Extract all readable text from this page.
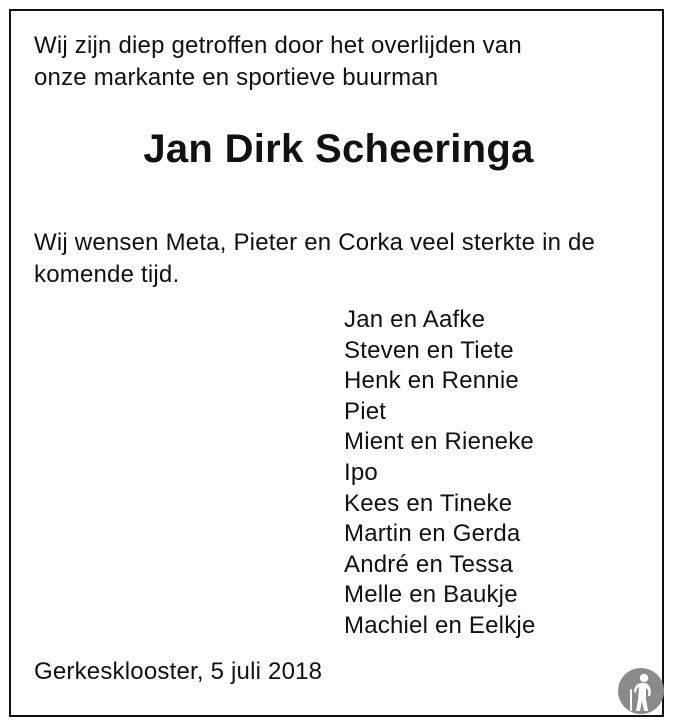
Wij zijn diep getroffen door het overlijden van
onze markante en sportieve buurman

Jan Dirk Scheeringa

Wij wensen Meta, Pieter en Corka veel sterkte in de
komende tijd.

Jan en Aafke
Steven en Tiete
Henk en Rennie
Piet
Mient en Rieneke
Ipo
Kees en Tineke
Martin en Gerda
André en Tessa
Melle en Baukje
Machiel en Eelkje

Gerkesklooster, 5 juli 2018
